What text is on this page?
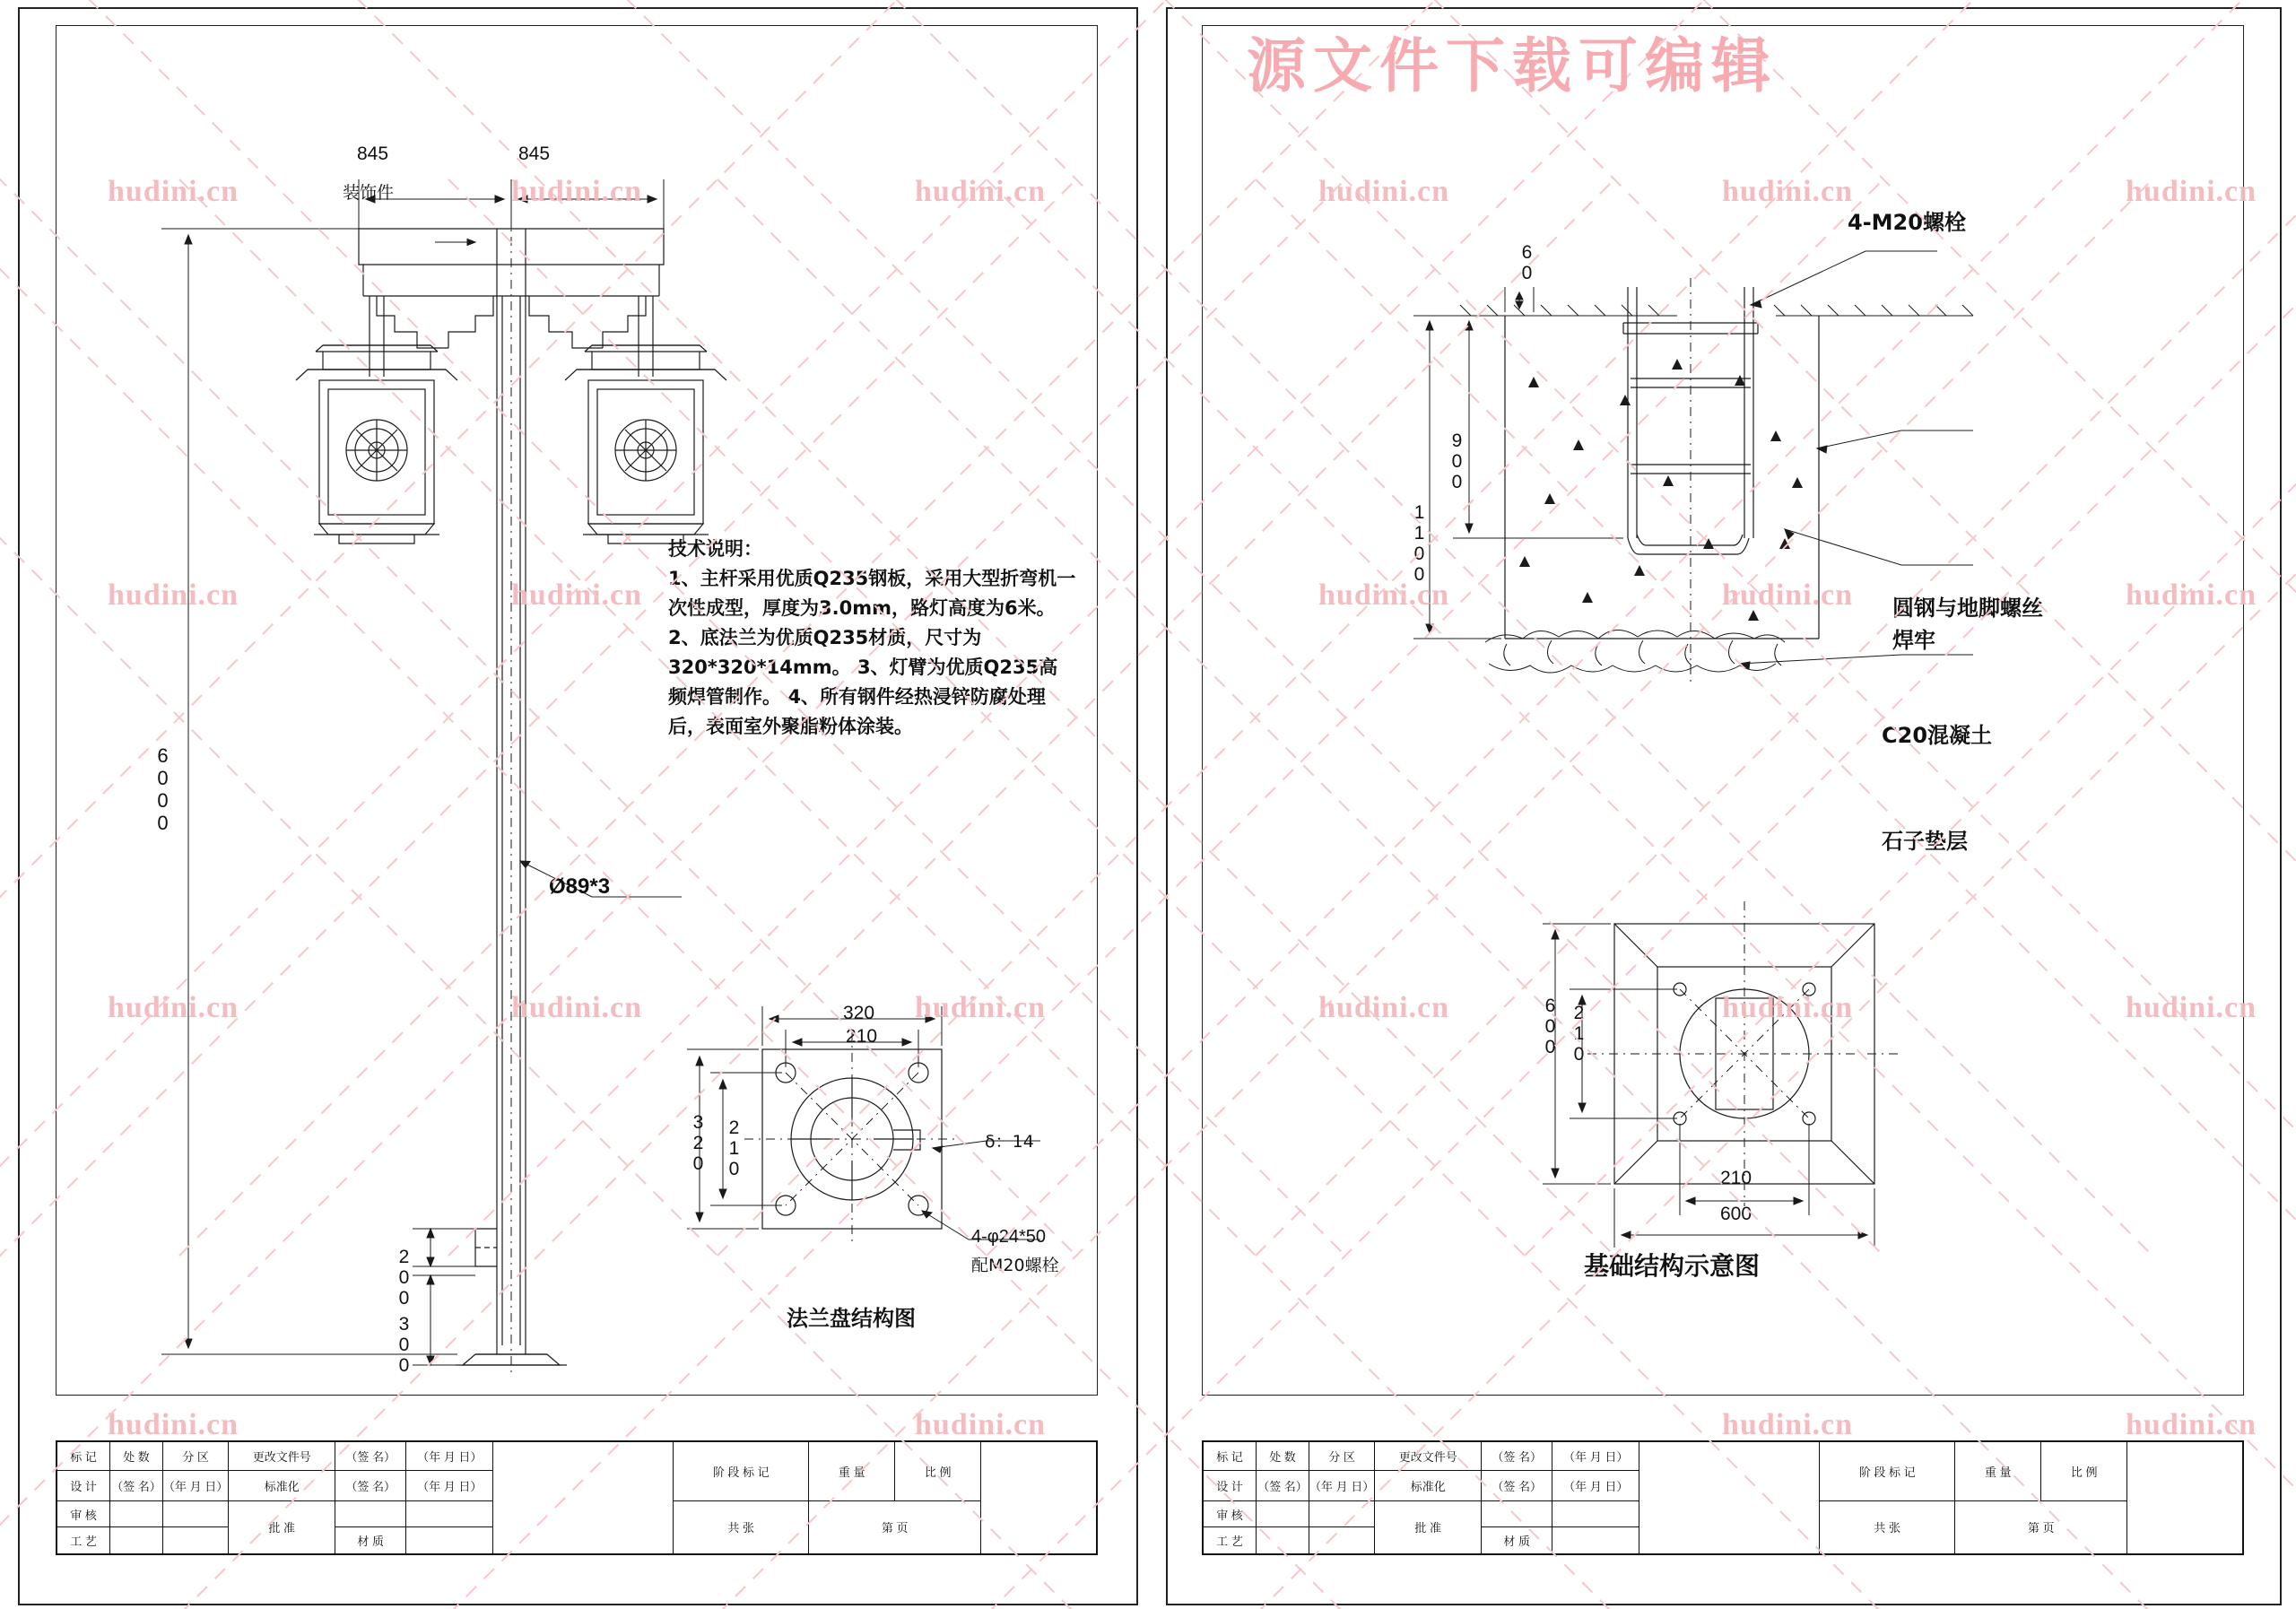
hudini.cn	hudini.cn	hudini.cn	hudini.cn	hudini.cn	hudini.cn
hudini.cn	hudini.cn	hudini.cn	hudini.cn	hudini.cn
hudini.cn	hudini.cn	hudini.cn	hudini.cn	hudini.cn	hudini.cn
hudini.cn	hudini.cn	hudini.cn	hudini.cn
源文件下载可编辑
845	845
装饰件
6000
200
300
Ø89*3
技术说明：
1、主杆采用优质Q235钢板，采用大型折弯机一次性成型，厚度为3.0mm，路灯高度为6米。 2、底法兰为优质Q235材质，尺寸为320*320*14mm。 3、灯臂为优质Q235高频焊管制作。 4、所有钢件经热浸锌防腐处理后，表面室外聚脂粉体涂装。
320
210
320 210	δ：14
4-φ24*50
配M20螺栓
法兰盘结构图
标 记	处 数	分 区	更改文件号	（签 名）	（年 月 日）		阶 段 标 记	重 量	比 例	
设 计	（签 名）	（年 月 日）	标准化	（签 名）	（年 月 日）					
审 核			批 准				共 张	第 页		
工 艺				材 质						
60
900
1100
4-M20螺栓
圆钢与地脚螺丝焊牢
C20混凝土
石子垫层
600 210
210
600
基础结构示意图
标 记	处 数	分 区	更改文件号	（签 名）	（年 月 日）		阶 段 标 记	重 量	比 例	
设 计	（签 名）	（年 月 日）	标准化	（签 名）	（年 月 日）					
审 核			批 准				共 张	第 页		
工 艺				材 质						
